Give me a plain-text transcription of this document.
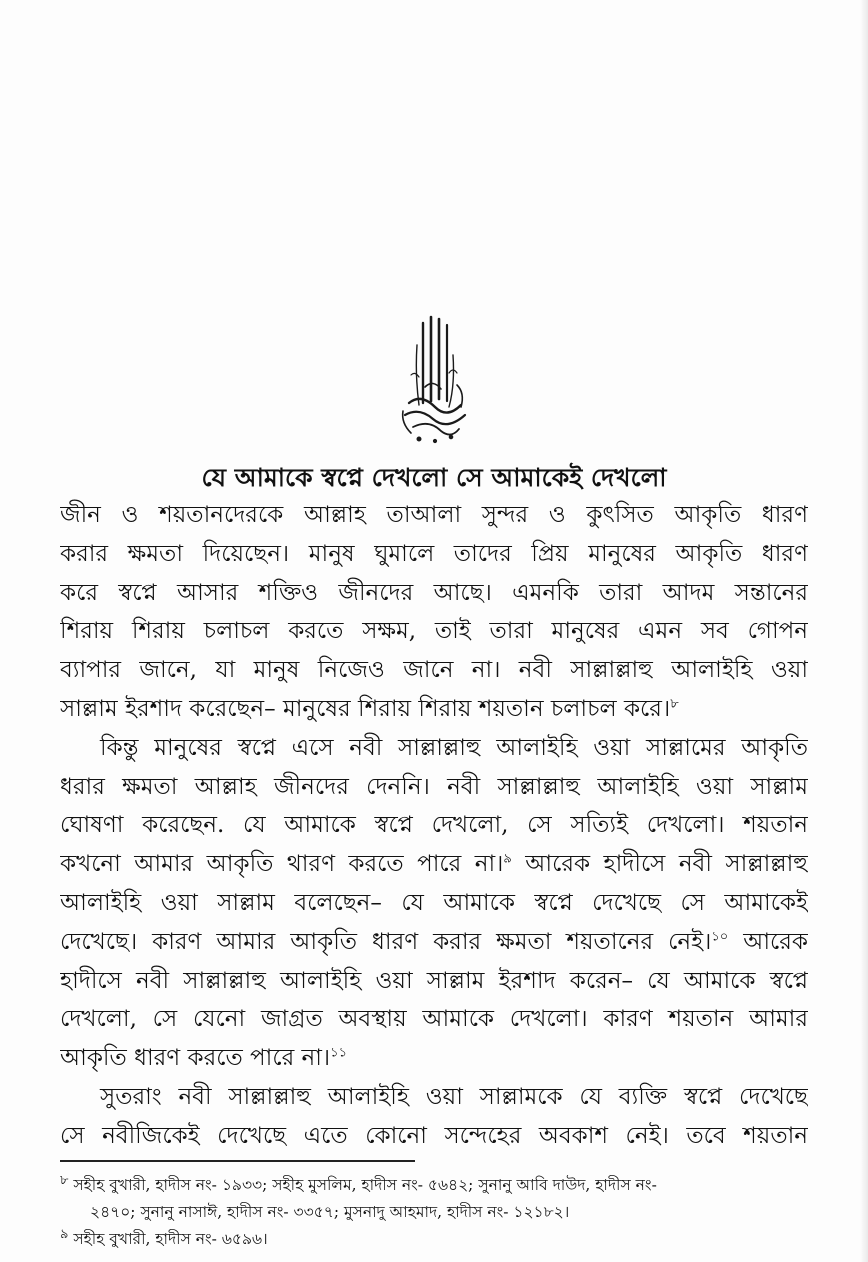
যে আমাকে স্বপ্নে দেখলো সে আমাকেই দেখলো
জীন ও শয়তানদেরকে আল্লাহ তাআলা সুন্দর ও কুৎসিত আকৃতি ধারণ
করার ক্ষমতা দিয়েছেন। মানুষ ঘুমালে তাদের প্রিয় মানুষের আকৃতি ধারণ
করে স্বপ্নে আসার শক্তিও জীনদের আছে। এমনকি তারা আদম সন্তানের
শিরায় শিরায় চলাচল করতে সক্ষম, তাই তারা মানুষের এমন সব গোপন
ব্যাপার জানে, যা মানুষ নিজেও জানে না। নবী সাল্লাল্লাহু আলাইহি ওয়া
সাল্লাম ইরশাদ করেছেন– মানুষের শিরায় শিরায় শয়তান চলাচল করে।$^৮$
কিন্তু মানুষের স্বপ্নে এসে নবী সাল্লাল্লাহু আলাইহি ওয়া সাল্লামের আকৃতি
ধরার ক্ষমতা আল্লাহ জীনদের দেননি। নবী সাল্লাল্লাহু আলাইহি ওয়া সাল্লাম
ঘোষণা করেছেন. যে আমাকে স্বপ্নে দেখলো, সে সত্যিই দেখলো। শয়তান
কখনো আমার আকৃতি থারণ করতে পারে না।$^৯$ আরেক হাদীসে নবী সাল্লাল্লাহু
আলাইহি ওয়া সাল্লাম বলেছেন– যে আমাকে স্বপ্নে দেখেছে সে আমাকেই
দেখেছে। কারণ আমার আকৃতি ধারণ করার ক্ষমতা শয়তানের নেই।$^{১০}$ আরেক
হাদীসে নবী সাল্লাল্লাহু আলাইহি ওয়া সাল্লাম ইরশাদ করেন– যে আমাকে স্বপ্নে
দেখলো, সে যেনো জাগ্রত অবস্থায় আমাকে দেখলো। কারণ শয়তান আমার
আকৃতি ধারণ করতে পারে না।$^{১১}$
সুতরাং নবী সাল্লাল্লাহু আলাইহি ওয়া সাল্লামকে যে ব্যক্তি স্বপ্নে দেখেছে
সে নবীজিকেই দেখেছে এতে কোনো সন্দেহের অবকাশ নেই। তবে শয়তান
$^৮$ সহীহ বুখারী, হাদীস নং- ১৯৩৩; সহীহ মুসলিম, হাদীস নং- ৫৬৪২; সুনানু আবি দাউদ, হাদীস নং-
২৪৭০; সুনানু নাসাঈ, হাদীস নং- ৩৩৫৭; মুসনাদু আহমাদ, হাদীস নং- ১২১৮২।
$^৯$ সহীহ বুখারী, হাদীস নং- ৬৫৯৬।
